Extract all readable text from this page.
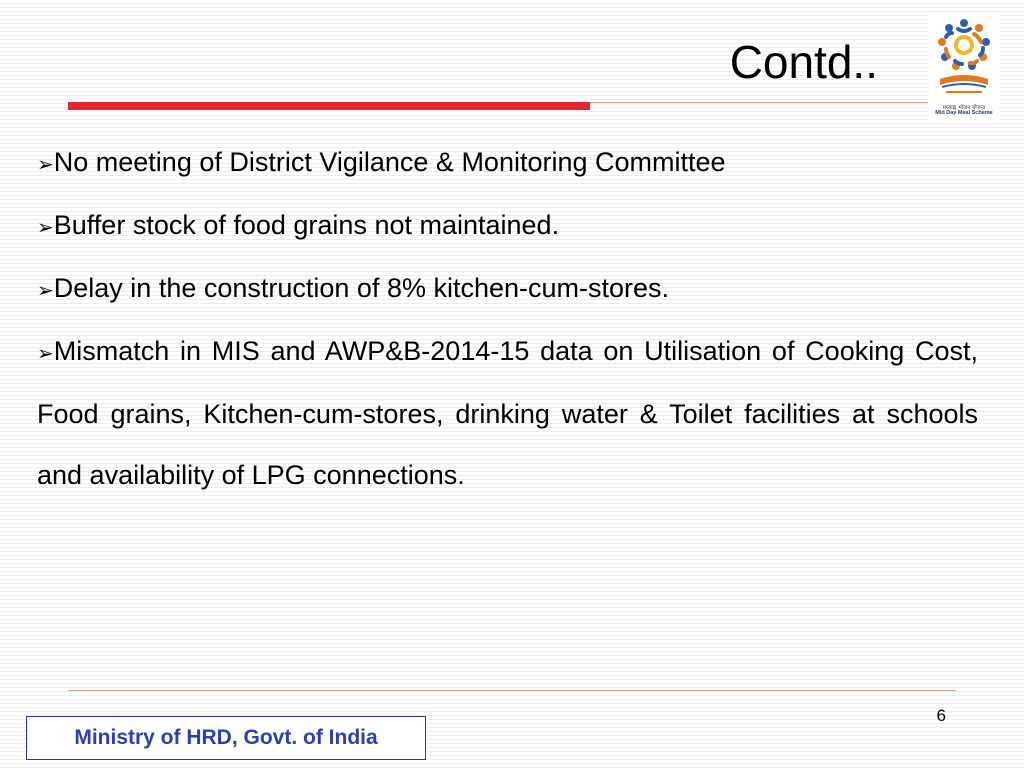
Contd..
मध्याह्न भोजन योजना
Mid Day Meal Scheme
➢No meeting of District Vigilance & Monitoring Committee
➢Buffer stock of food grains not maintained.
➢Delay in the construction of 8% kitchen-cum-stores.
➢Mismatch in MIS and AWP&B-2014-15 data on Utilisation of Cooking Cost, Food grains, Kitchen-cum-stores, drinking water & Toilet facilities at schools and availability of LPG connections.
6
Ministry of HRD, Govt. of India
